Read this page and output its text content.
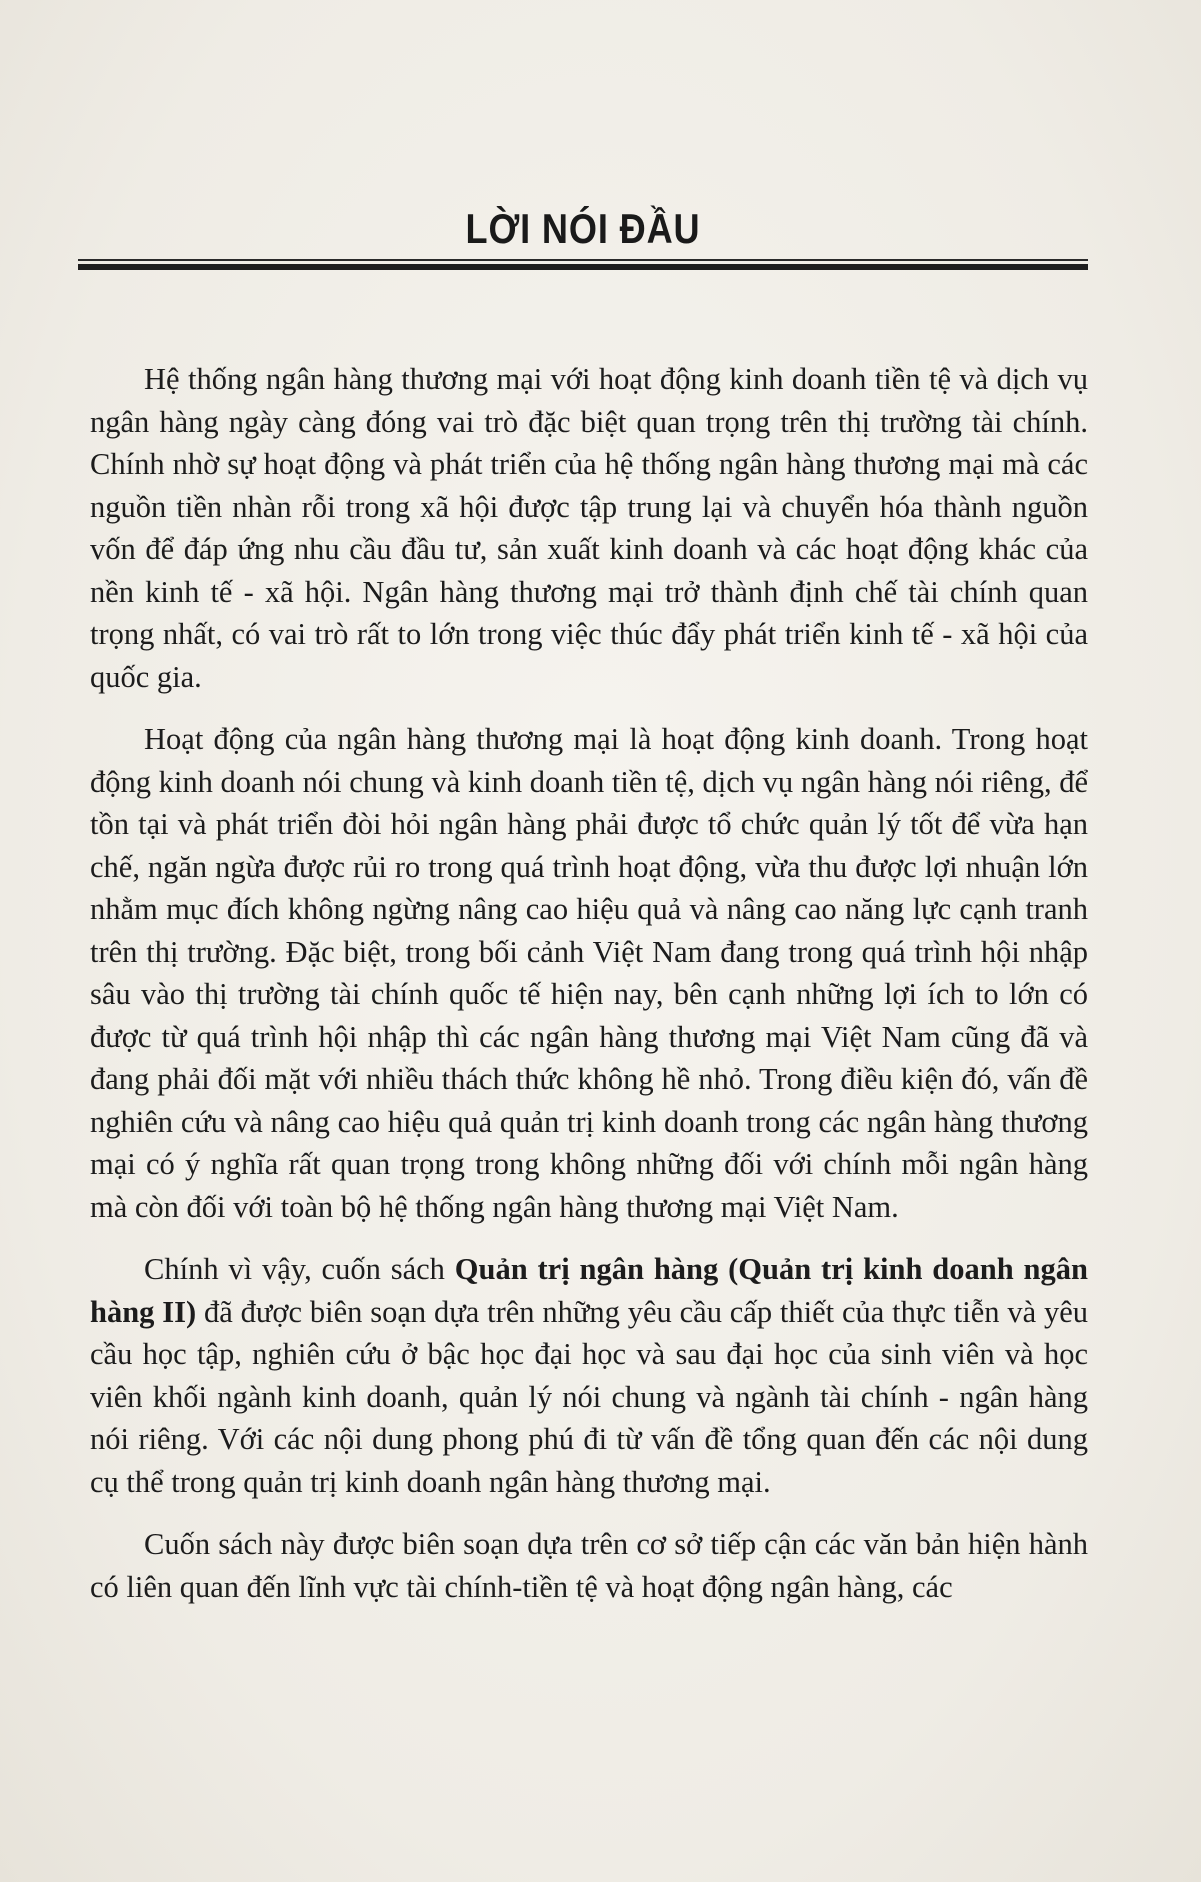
LỜI NÓI ĐẦU

Hệ thống ngân hàng thương mại với hoạt động kinh doanh tiền tệ và dịch vụ ngân hàng ngày càng đóng vai trò đặc biệt quan trọng trên thị trường tài chính. Chính nhờ sự hoạt động và phát triển của hệ thống ngân hàng thương mại mà các nguồn tiền nhàn rỗi trong xã hội được tập trung lại và chuyển hóa thành nguồn vốn để đáp ứng nhu cầu đầu tư, sản xuất kinh doanh và các hoạt động khác của nền kinh tế - xã hội. Ngân hàng thương mại trở thành định chế tài chính quan trọng nhất, có vai trò rất to lớn trong việc thúc đẩy phát triển kinh tế - xã hội của quốc gia.

Hoạt động của ngân hàng thương mại là hoạt động kinh doanh. Trong hoạt động kinh doanh nói chung và kinh doanh tiền tệ, dịch vụ ngân hàng nói riêng, để tồn tại và phát triển đòi hỏi ngân hàng phải được tổ chức quản lý tốt để vừa hạn chế, ngăn ngừa được rủi ro trong quá trình hoạt động, vừa thu được lợi nhuận lớn nhằm mục đích không ngừng nâng cao hiệu quả và nâng cao năng lực cạnh tranh trên thị trường. Đặc biệt, trong bối cảnh Việt Nam đang trong quá trình hội nhập sâu vào thị trường tài chính quốc tế hiện nay, bên cạnh những lợi ích to lớn có được từ quá trình hội nhập thì các ngân hàng thương mại Việt Nam cũng đã và đang phải đối mặt với nhiều thách thức không hề nhỏ. Trong điều kiện đó, vấn đề nghiên cứu và nâng cao hiệu quả quản trị kinh doanh trong các ngân hàng thương mại có ý nghĩa rất quan trọng trong không những đối với chính mỗi ngân hàng mà còn đối với toàn bộ hệ thống ngân hàng thương mại Việt Nam.

Chính vì vậy, cuốn sách Quản trị ngân hàng (Quản trị kinh doanh ngân hàng II) đã được biên soạn dựa trên những yêu cầu cấp thiết của thực tiễn và yêu cầu học tập, nghiên cứu ở bậc học đại học và sau đại học của sinh viên và học viên khối ngành kinh doanh, quản lý nói chung và ngành tài chính - ngân hàng nói riêng. Với các nội dung phong phú đi từ vấn đề tổng quan đến các nội dung cụ thể trong quản trị kinh doanh ngân hàng thương mại.

Cuốn sách này được biên soạn dựa trên cơ sở tiếp cận các văn bản hiện hành có liên quan đến lĩnh vực tài chính-tiền tệ và hoạt động ngân hàng, các
